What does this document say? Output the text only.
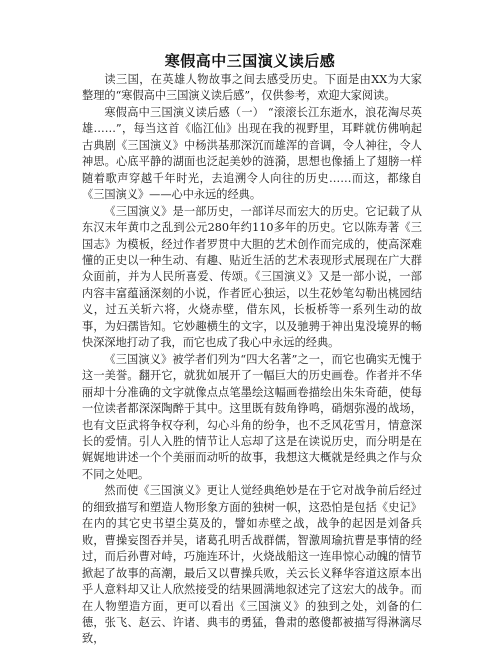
寒假高中三国演义读后感

读三国，在英雄人物故事之间去感受历史。下面是由XX为大家整理的“寒假高中三国演义读后感”，仅供参考，欢迎大家阅读。

寒假高中三国演义读后感（一） “滚滚长江东逝水，浪花淘尽英雄……”，每当这首《临江仙》出现在我的视野里，耳畔就仿佛响起古典剧《三国演义》中杨洪基那深沉而雄浑的音调，令人神往，令人神思。心底平静的湖面也泛起美妙的涟漪，思想也像插上了翅膀一样随着歌声穿越千年时光，去追溯令人向往的历史……而这，都缘自《三国演义》——心中永远的经典。

《三国演义》是一部历史，一部详尽而宏大的历史。它记载了从东汉末年黄巾之乱到公元280年约110多年的历史。它以陈寿著《三国志》为模板，经过作者罗贯中大胆的艺术创作而完成的，使高深难懂的正史以一种生动、有趣、贴近生活的艺术表现形式展现在广大群众面前，并为人民所喜爱、传颂。《三国演义》又是一部小说，一部内容丰富蕴涵深刻的小说，作者匠心独运，以生花妙笔勾勒出桃园结义，过五关斩六将，火烧赤壁，借东风，长板桥等一系列生动的故事，为妇孺皆知。它妙趣横生的文字，以及驰骋于神出鬼没境界的畅快深深地打动了我，而它也成了我心中永远的经典。

《三国演义》被学者们列为“四大名著”之一，而它也确实无愧于这一美誉。翻开它，就犹如展开了一幅巨大的历史画卷。作者并不华丽却十分准确的文字就像点点笔墨绘这幅画卷描绘出朱朱奇葩，使每一位读者都深深陶醉于其中。这里既有鼓角铮鸣，硝烟弥漫的战场，也有文臣武将争权夺利，勾心斗角的纷争，也不乏风花雪月，情意深长的爱情。引人入胜的情节让人忘却了这是在读说历史，而分明是在娓娓地讲述一个个美丽而动听的故事，我想这大概就是经典之作与众不同之处吧。

然而使《三国演义》更让人觉经典绝妙是在于它对战争前后经过的细致描写和塑造人物形象方面的独树一帜，这恐怕是包括《史记》在内的其它史书望尘莫及的，譬如赤壁之战，战争的起因是刘备兵败，曹操妄图吞并吴，诸葛孔明舌战群儒，智激周瑜抗曹是事情的经过，而后孙曹对峙，巧施连环计，火烧战船这一连串惊心动魄的情节掀起了故事的高潮，最后又以曹操兵败，关云长义释华容道这原本出乎人意料却又让人欣然接受的结果圆满地叙述完了这宏大的战争。而在人物塑造方面，更可以看出《三国演义》的独到之处，刘备的仁德，张飞、赵云、许诸、典韦的勇猛，鲁肃的憨傻都被描写得淋漓尽致，
